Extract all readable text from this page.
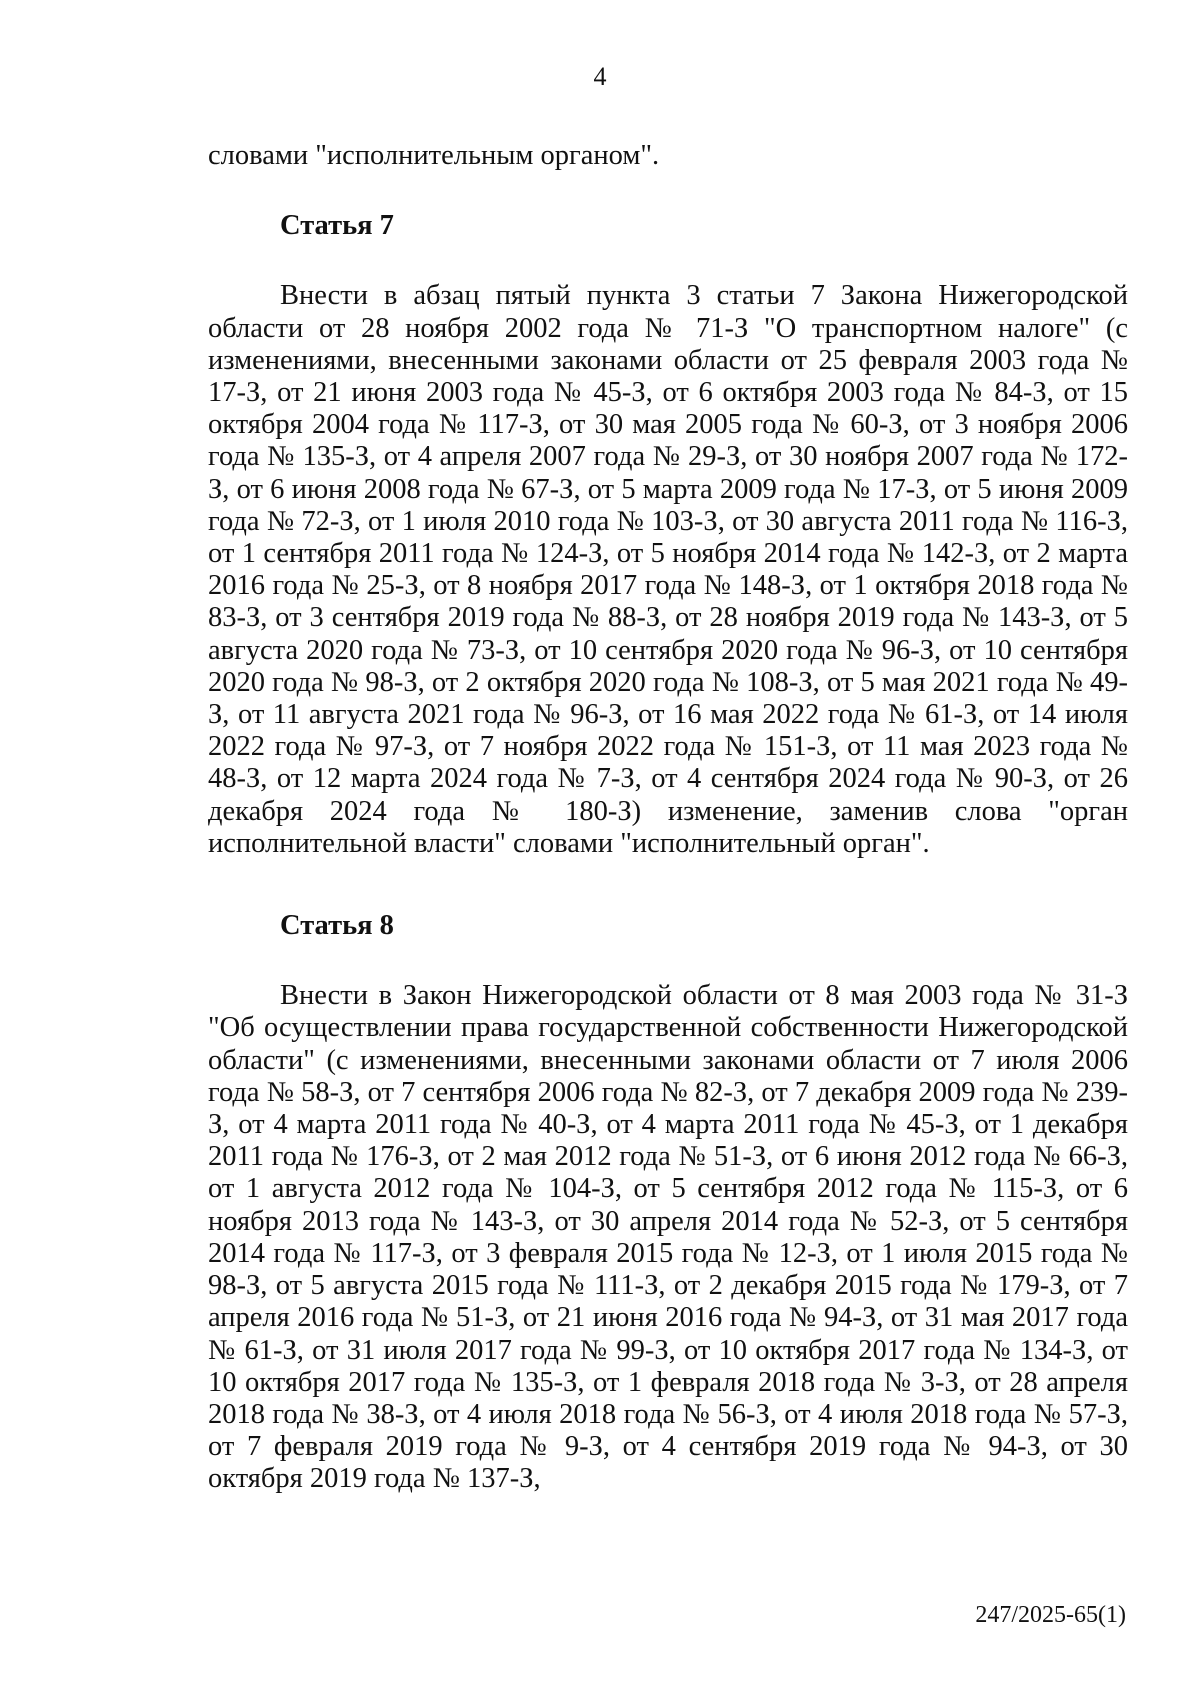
4

словами "исполнительным органом".

Статья 7

Внести в абзац пятый пункта 3 статьи 7 Закона Нижегородской области от 28 ноября 2002 года № 71-З "О транспортном налоге" (с изменениями, внесенными законами области от 25 февраля 2003 года № 17-З, от 21 июня 2003 года № 45-З, от 6 октября 2003 года № 84-З, от 15 октября 2004 года № 117-З, от 30 мая 2005 года № 60-З, от 3 ноября 2006 года № 135-З, от 4 апреля 2007 года № 29-З, от 30 ноября 2007 года № 172-З, от 6 июня 2008 года № 67-З, от 5 марта 2009 года № 17-З, от 5 июня 2009 года № 72-З, от 1 июля 2010 года № 103-З, от 30 августа 2011 года № 116-З, от 1 сентября 2011 года № 124-З, от 5 ноября 2014 года № 142-З, от 2 марта 2016 года № 25-З, от 8 ноября 2017 года № 148-З, от 1 октября 2018 года № 83-З, от 3 сентября 2019 года № 88-З, от 28 ноября 2019 года № 143-З, от 5 августа 2020 года № 73-З, от 10 сентября 2020 года № 96-З, от 10 сентября 2020 года № 98-З, от 2 октября 2020 года № 108-З, от 5 мая 2021 года № 49-З, от 11 августа 2021 года № 96-З, от 16 мая 2022 года № 61-З, от 14 июля 2022 года № 97-З, от 7 ноября 2022 года № 151-З, от 11 мая 2023 года № 48-З, от 12 марта 2024 года № 7-З, от 4 сентября 2024 года № 90-З, от 26 декабря 2024 года № 180-З) изменение, заменив слова "орган исполнительной власти" словами "исполнительный орган".

Статья 8

Внести в Закон Нижегородской области от 8 мая 2003 года № 31-З "Об осуществлении права государственной собственности Нижегородской области" (с изменениями, внесенными законами области от 7 июля 2006 года № 58-З, от 7 сентября 2006 года № 82-З, от 7 декабря 2009 года № 239-З, от 4 марта 2011 года № 40-З, от 4 марта 2011 года № 45-З, от 1 декабря 2011 года № 176-З, от 2 мая 2012 года № 51-З, от 6 июня 2012 года № 66-З, от 1 августа 2012 года № 104-З, от 5 сентября 2012 года № 115-З, от 6 ноября 2013 года № 143-З, от 30 апреля 2014 года № 52-З, от 5 сентября 2014 года № 117-З, от 3 февраля 2015 года № 12-З, от 1 июля 2015 года № 98-З, от 5 августа 2015 года № 111-З, от 2 декабря 2015 года № 179-З, от 7 апреля 2016 года № 51-З, от 21 июня 2016 года № 94-З, от 31 мая 2017 года № 61-З, от 31 июля 2017 года № 99-З, от 10 октября 2017 года № 134-З, от 10 октября 2017 года № 135-З, от 1 февраля 2018 года № 3-З, от 28 апреля 2018 года № 38-З, от 4 июля 2018 года № 56-З, от 4 июля 2018 года № 57-З, от 7 февраля 2019 года № 9-З, от 4 сентября 2019 года № 94-З, от 30 октября 2019 года № 137-З,

247/2025-65(1)
